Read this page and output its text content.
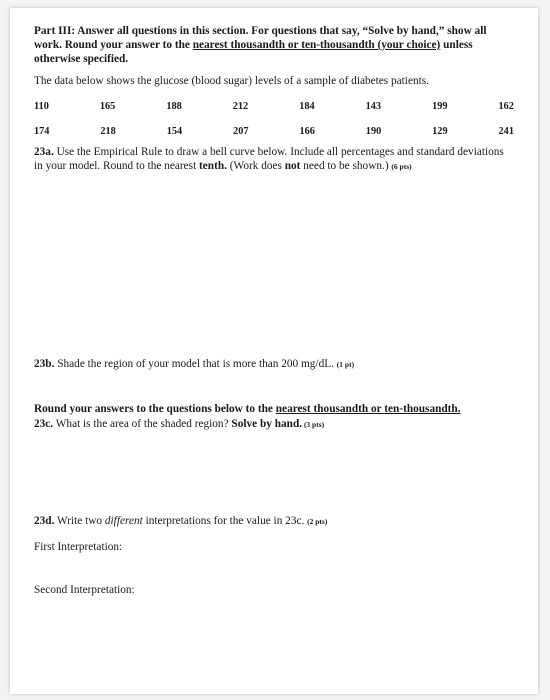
Part III: Answer all questions in this section. For questions that say, “Solve by hand,” show all work. Round your answer to the nearest thousandth or ten-thousandth (your choice) unless otherwise specified.

The data below shows the glucose (blood sugar) levels of a sample of diabetes patients.

110	165	188	212	184	143	199	162
174	218	154	207	166	190	129	241

23a. Use the Empirical Rule to draw a bell curve below. Include all percentages and standard deviations in your model. Round to the nearest tenth. (Work does not need to be shown.) (6 pts)

23b. Shade the region of your model that is more than 200 mg/dL. (1 pt)

Round your answers to the questions below to the nearest thousandth or ten-thousandth.

23c. What is the area of the shaded region? Solve by hand. (3 pts)

23d. Write two different interpretations for the value in 23c. (2 pts)

First Interpretation:

Second Interpretation:
